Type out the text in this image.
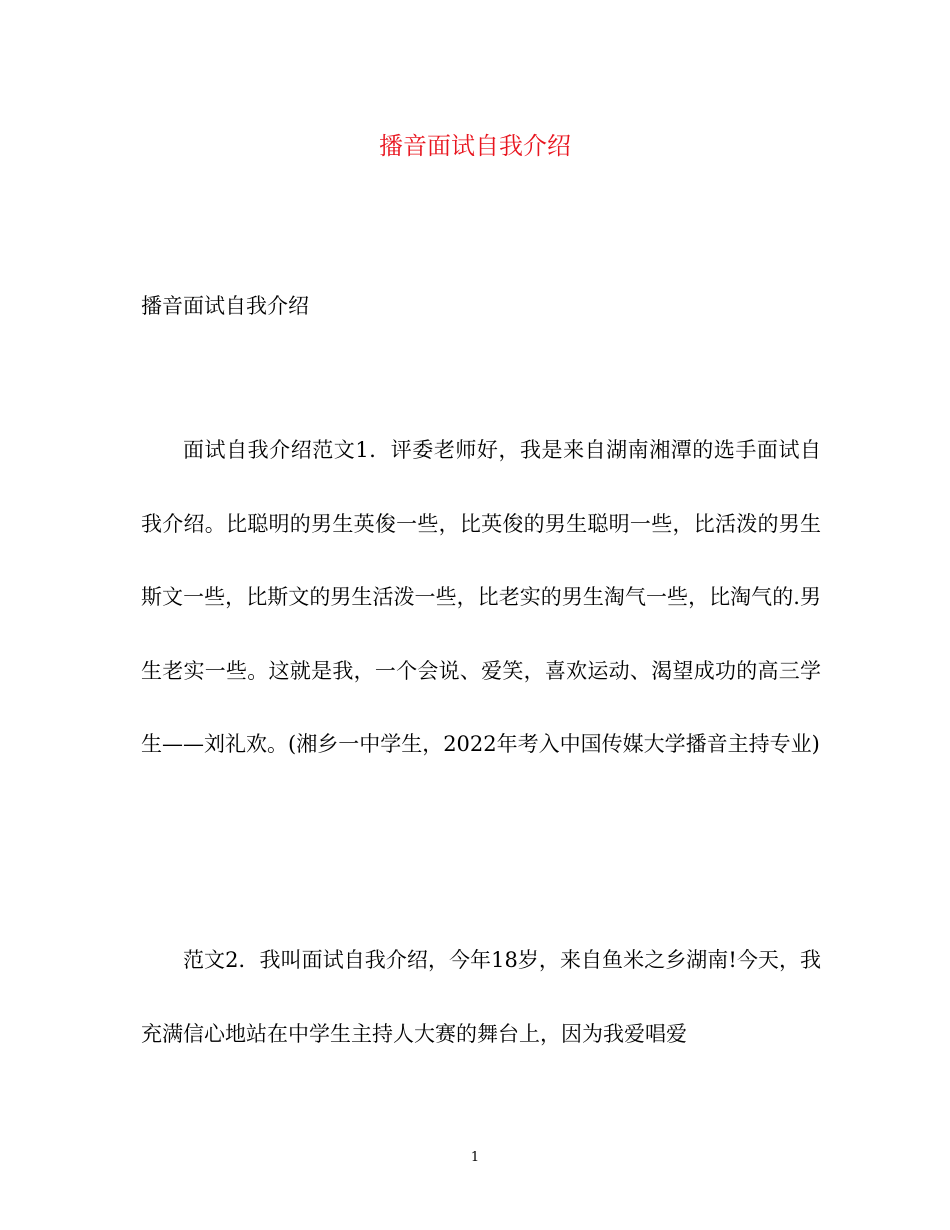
播音面试自我介绍
播音面试自我介绍

面试自我介绍范文1．评委老师好，我是来自湖南湘潭的选手面试自我介绍。比聪明的男生英俊一些，比英俊的男生聪明一些，比活泼的男生斯文一些，比斯文的男生活泼一些，比老实的男生淘气一些，比淘气的.男生老实一些。这就是我，一个会说、爱笑，喜欢运动、渴望成功的高三学生——刘礼欢。(湘乡一中学生，2022年考入中国传媒大学播音主持专业)

范文2．我叫面试自我介绍，今年18岁，来自鱼米之乡湖南!今天，我充满信心地站在中学生主持人大赛的舞台上，因为我爱唱爱

1
